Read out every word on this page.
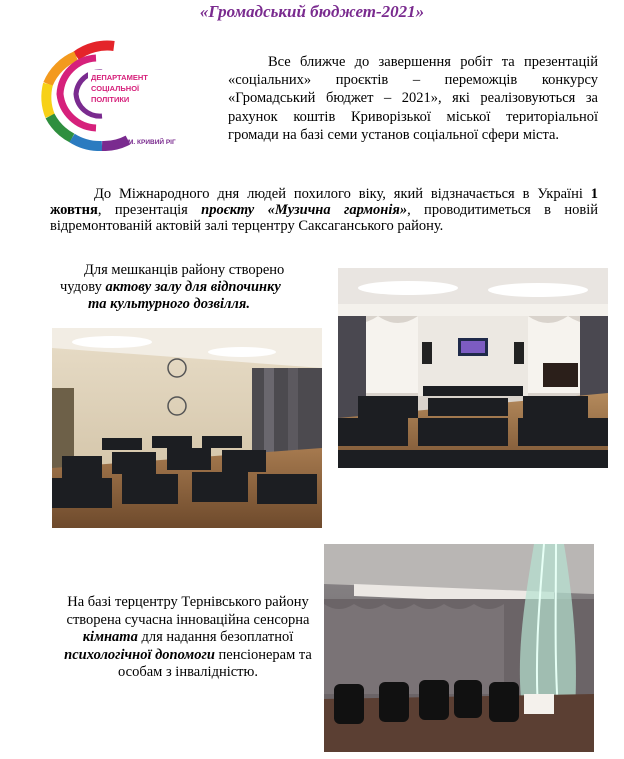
«Громадський бюджет-2021»
ДЕПАРТАМЕНТ
СОЦІАЛЬНОЇ
ПОЛІТИКИ
М. КРИВИЙ РІГ
Все ближче до завершення робіт та презентацій «соціальних» проєктів – переможців конкурсу «Громадський бюджет – 2021», які реалізовуються за рахунок коштів Криворізької міської територіальної громади на базі семи установ соціальної сфери міста.
До Міжнародного дня людей похилого віку, який відзначається в Україні 1 жовтня, презентація проєкту «Музична гармонія», проводитиметься в новій відремонтованій актовій залі терцентру Саксаганського району.
Для мешканців району створено
чудову актову залу для відпочинку
та культурного дозвілля.
На базі терцентру Тернівського району створена сучасна інноваційна сенсорна кімната для надання безоплатної психологічної допомоги пенсіонерам та особам з інвалідністю.
